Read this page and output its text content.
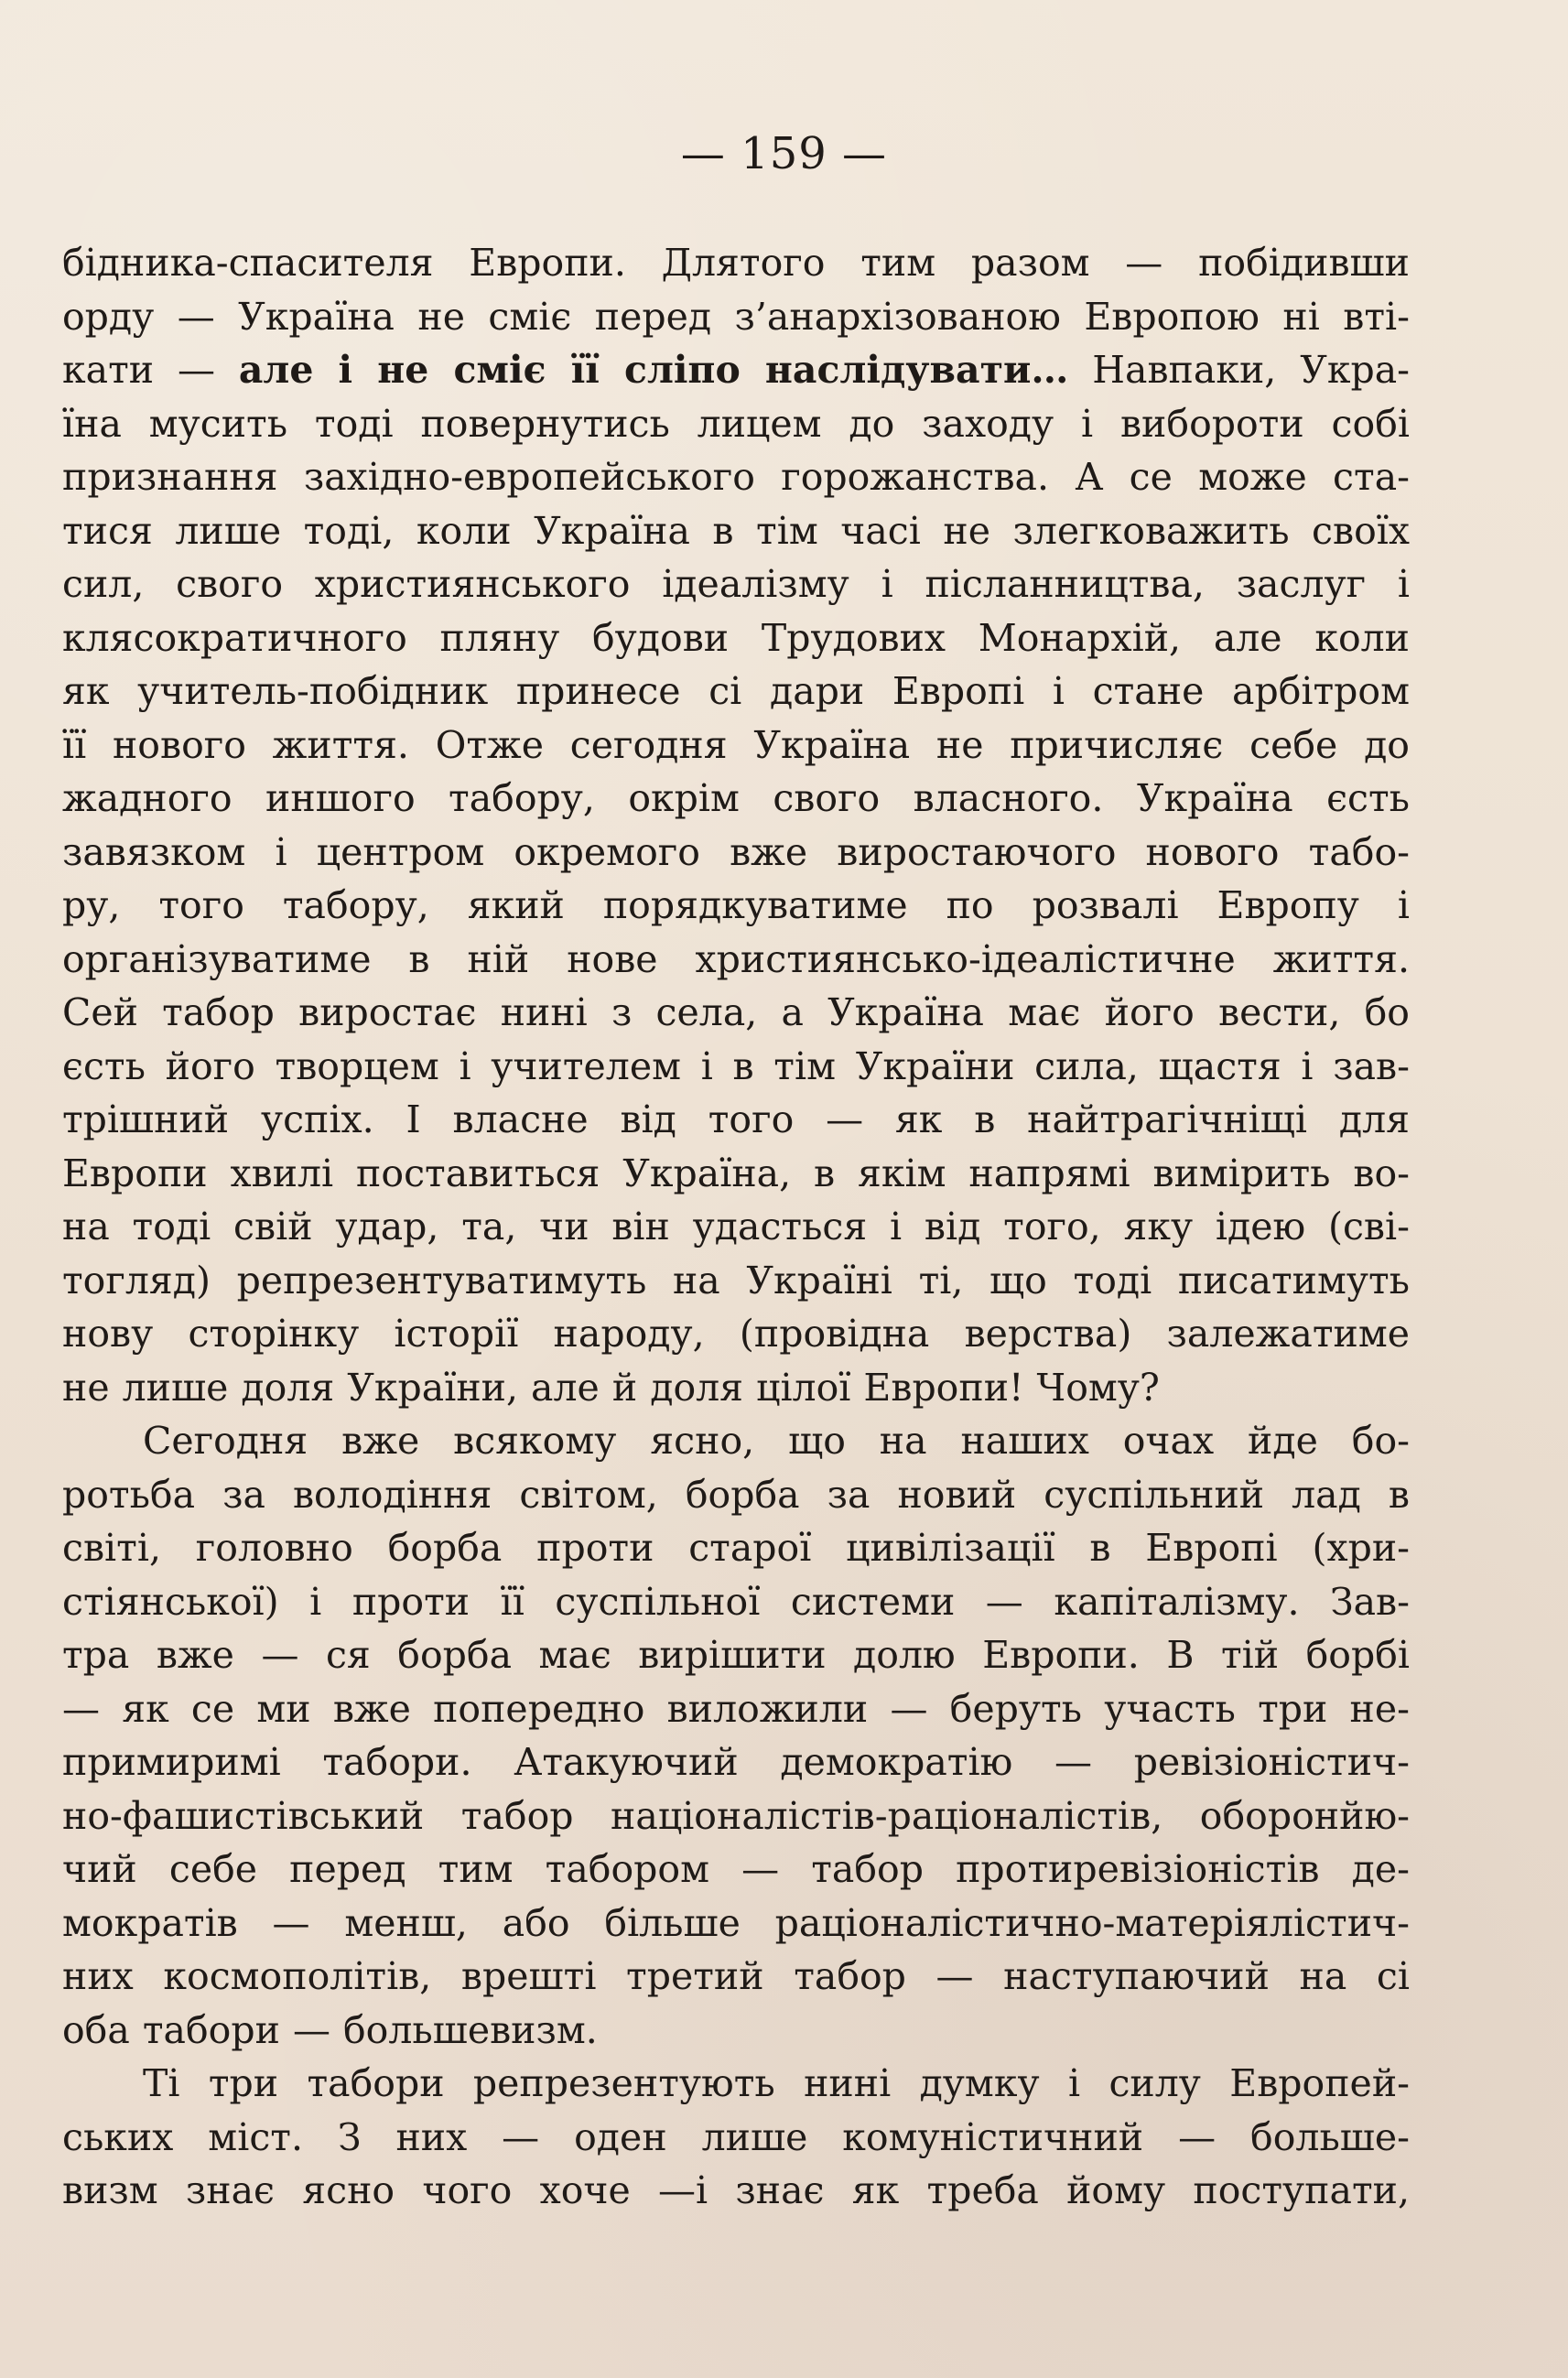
— 159 —
бідника-спасителя Европи. Длятого тим разом — побідивши
орду — Україна не сміє перед з’анархізованою Европою ні вті-
кати — але і не сміє її сліпо наслідувати… Навпаки, Укра-
їна мусить тоді повернутись лицем до заходу і вибороти собі
признання західно-европейського горожанства. А се може ста-
тися лише тоді, коли Україна в тім часі не злегковажить своїх
сил, свого християнського ідеалізму і післанництва, заслуг і
клясократичного пляну будови Трудових Монархій, але коли
як учитель-побідник принесе сі дари Европі і стане арбітром
її нового життя. Отже сегодня Україна не причисляє себе до
жадного иншого табору, окрім свого власного. Україна єсть
завязком і центром окремого вже виростаючого нового табо-
ру, того табору, який порядкуватиме по розвалі Европу і
організуватиме в ній нове християнсько-ідеалістичне життя.
Сей табор виростає нині з села, а Україна має його вести, бо
єсть його творцем і учителем і в тім України сила, щастя і зав-
трішний успіх. І власне від того — як в найтрагічніщі для
Европи хвилі поставиться Україна, в якім напрямі вимірить во-
на тоді свій удар, та, чи він удасться і від того, яку ідею (сві-
тогляд) репрезентуватимуть на Україні ті, що тоді писатимуть
нову сторінку історії народу, (провідна верства) залежатиме
не лише доля України, але й доля цілої Европи! Чому?
Сегодня вже всякому ясно, що на наших очах йде бо-
ротьба за володіння світом, борба за новий суспільний лад в
світі, головно борба проти старої цивілізації в Европі (хри-
стіянської) і проти її суспільної системи — капіталізму. Зав-
тра вже — ся борба має вирішити долю Европи. В тій борбі
— як се ми вже попередно виложили — беруть участь три не-
примиримі табори. Атакуючий демократію — ревізіоністич-
но-фашистівський табор націоналістів-раціоналістів, оборонйю-
чий себе перед тим табором — табор протиревізіоністів де-
мократів — менш, або більше раціоналістично-матеріялістич-
них космополітів, врешті третий табор — наступаючий на сі
оба табори — большевизм.
Ті три табори репрезентують нині думку і силу Европей-
ських міст. З них — оден лише комуністичний — больше-
визм знає ясно чого хоче —і знає як треба йому поступати,
